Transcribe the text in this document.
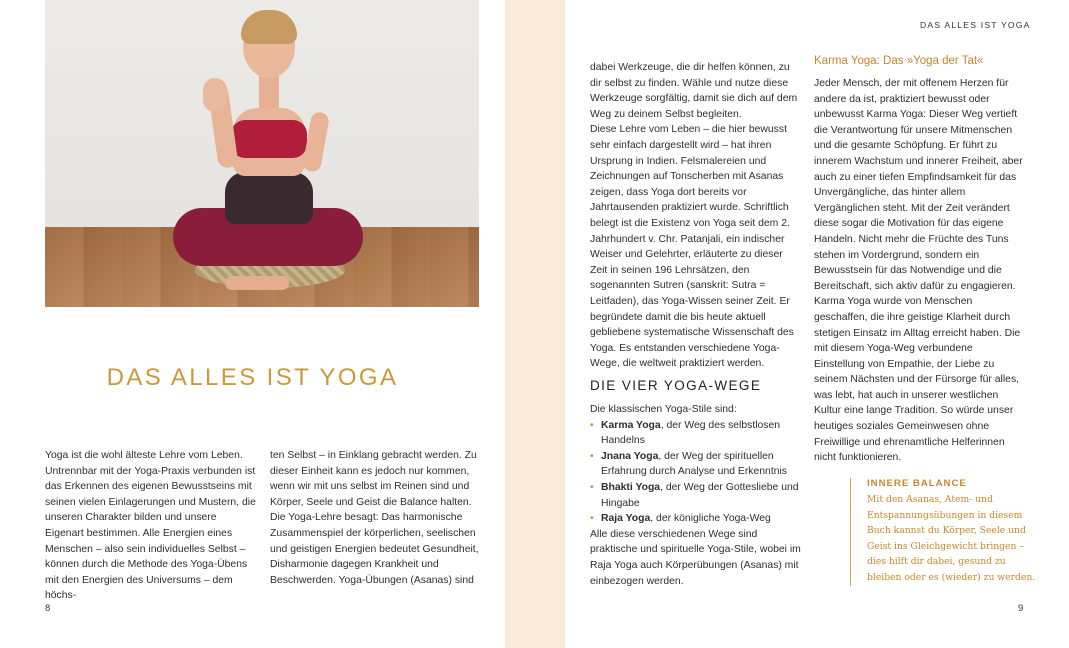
DAS ALLES IST YOGA

Yoga ist die wohl älteste Lehre vom Leben. Untrennbar mit der Yoga-Praxis verbunden ist das Erkennen des eigenen Bewusstseins mit seinen vielen Einlagerungen und Mustern, die unseren Charakter bilden und unsere Eigenart bestimmen. Alle Energien eines Menschen – also sein individuelles Selbst – können durch die Methode des Yoga-Übens mit den Energien des Universums – dem höchs-

ten Selbst – in Einklang gebracht werden. Zu dieser Einheit kann es jedoch nur kommen, wenn wir mit uns selbst im Reinen sind und Körper, Seele und Geist die Balance halten. Die Yoga-Lehre besagt: Das harmonische Zusammenspiel der körperlichen, seelischen und geistigen Energien bedeutet Gesundheit, Disharmonie dagegen Krankheit und Beschwerden. Yoga-Übungen (Asanas) sind

8
DAS ALLES IST YOGA

dabei Werkzeuge, die dir helfen können, zu dir selbst zu finden. Wähle und nutze diese Werkzeuge sorgfältig, damit sie dich auf dem Weg zu deinem Selbst begleiten.

Diese Lehre vom Leben – die hier bewusst sehr einfach dargestellt wird – hat ihren Ursprung in Indien. Felsmalereien und Zeichnungen auf Tonscherben mit Asanas zeigen, dass Yoga dort bereits vor Jahrtausenden praktiziert wurde. Schriftlich belegt ist die Existenz von Yoga seit dem 2. Jahrhundert v. Chr. Patanjali, ein indischer Weiser und Gelehrter, erläuterte zu dieser Zeit in seinen 196 Lehrsätzen, den sogenannten Sutren (sanskrit: Sutra = Leitfaden), das Yoga-Wissen seiner Zeit. Er begründete damit die bis heute aktuell gebliebene systematische Wissenschaft des Yoga. Es entstanden verschiedene Yoga-Wege, die weltweit praktiziert werden.

DIE VIER YOGA-WEGE

Die klassischen Yoga-Stile sind:

• Karma Yoga, der Weg des selbstlosen Handelns
• Jnana Yoga, der Weg der spirituellen Erfahrung durch Analyse und Erkenntnis
• Bhakti Yoga, der Weg der Gottesliebe und Hingabe
• Raja Yoga, der königliche Yoga-Weg

Alle diese verschiedenen Wege sind praktische und spirituelle Yoga-Stile, wobei im Raja Yoga auch Körperübungen (Asanas) mit einbezogen werden.

Karma Yoga: Das »Yoga der Tat«

Jeder Mensch, der mit offenem Herzen für andere da ist, praktiziert bewusst oder unbewusst Karma Yoga: Dieser Weg vertieft die Verantwortung für unsere Mitmenschen und die gesamte Schöpfung. Er führt zu innerem Wachstum und innerer Freiheit, aber auch zu einer tiefen Empfindsamkeit für das Unvergängliche, das hinter allem Vergänglichen steht. Mit der Zeit verändert diese sogar die Motivation für das eigene Handeln. Nicht mehr die Früchte des Tuns stehen im Vordergrund, sondern ein Bewusstsein für das Notwendige und die Bereitschaft, sich aktiv dafür zu engagieren.

Karma Yoga wurde von Menschen geschaffen, die ihre geistige Klarheit durch stetigen Einsatz im Alltag erreicht haben. Die mit diesem Yoga-Weg verbundene Einstellung von Empathie, der Liebe zu seinem Nächsten und der Fürsorge für alles, was lebt, hat auch in unserer westlichen Kultur eine lange Tradition. So würde unser heutiges soziales Gemeinwesen ohne Freiwillige und ehrenamtliche Helferinnen nicht funktionieren.

INNERE BALANCE

Mit den Asanas, Atem- und Entspannungsübungen in diesem Buch kannst du Körper, Seele und Geist ins Gleichgewicht bringen – dies hilft dir dabei, gesund zu bleiben oder es (wieder) zu werden.

9
